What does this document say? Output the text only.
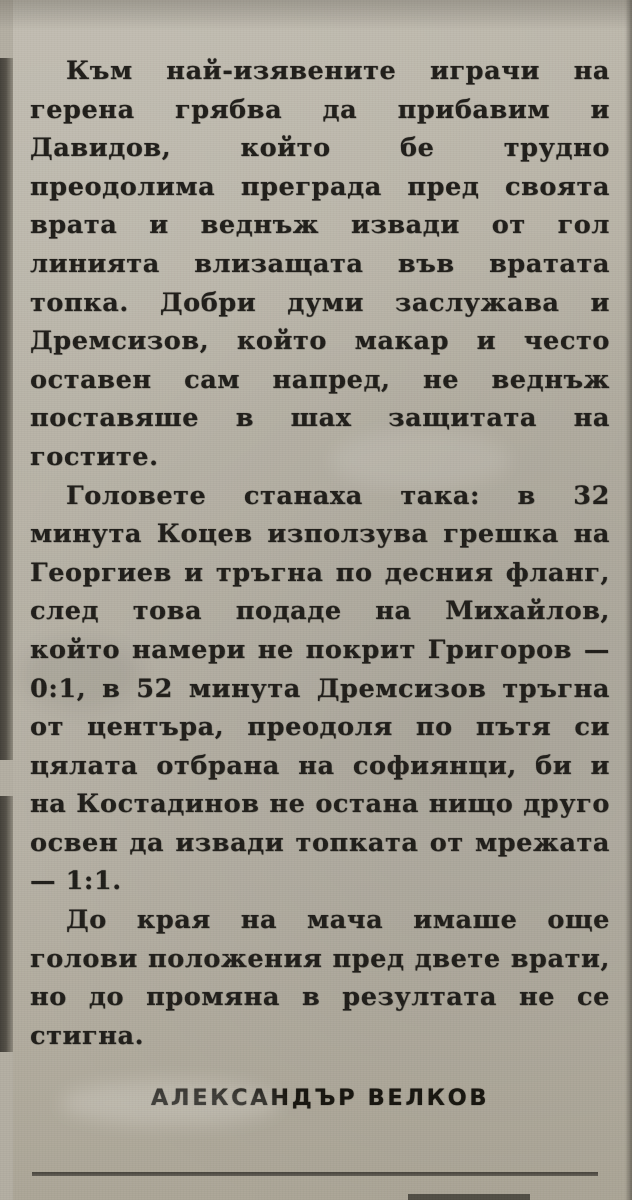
Към най-изявените играчи на герена грябва да прибавим и Давидов, който бе трудно преодолима преграда пред своята врата и веднъж извади от гол линията влизащата във вратата топка. Добри думи заслужава и Дремсизов, който макар и често оставен сам напред, не веднъж поставяше в шах защитата на гостите.

Головете станаха така: в 32 минута Коцев използува грешка на Георгиев и тръгна по десния фланг, след това подаде на Михайлов, който намери не покрит Григоров — 0:1, в 52 минута Дремсизов тръгна от центъра, преодоля по пътя си цялата отбрана на софиянци, би и на Костадинов не остана нищо друго освен да извади топката от мрежата — 1:1.

До края на мача имаше още голови положения пред двете врати, но до промяна в резултата не се стигна.

АЛЕКСАНДЪР ВЕЛКОВ
